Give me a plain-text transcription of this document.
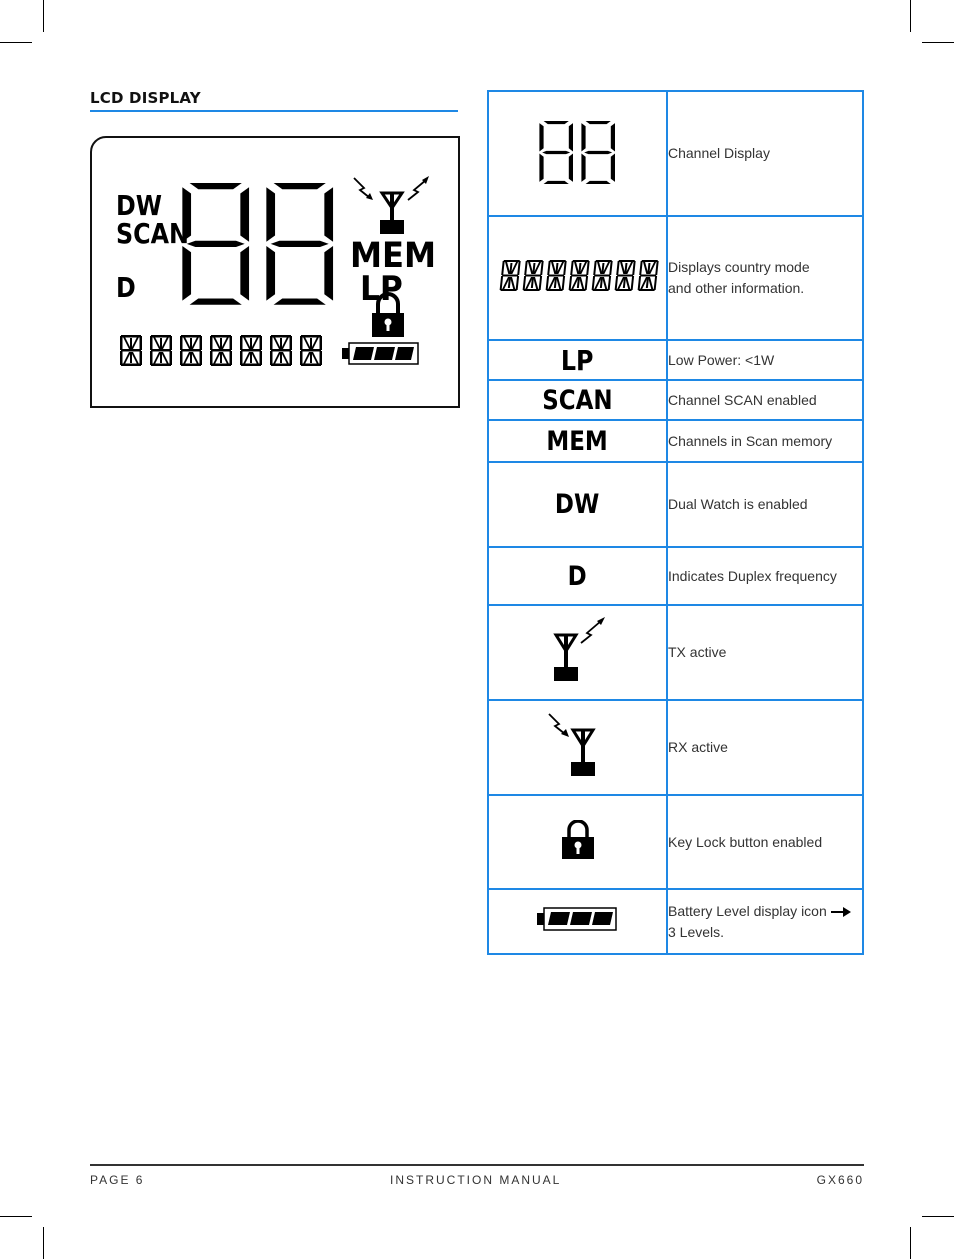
LCD DISPLAY
DW
SCAN
D
MEM
LP

Channel Display

Displays country mode
and other information.

LP	Low Power: <1W

SCAN	Channel SCAN enabled

MEM	Channels in Scan memory

DW	Dual Watch is enabled

D	Indicates Duplex frequency

TX active

RX active

Key Lock button enabled

Battery Level display icon
3 Levels.
PAGE 6	INSTRUCTION MANUAL	GX660
